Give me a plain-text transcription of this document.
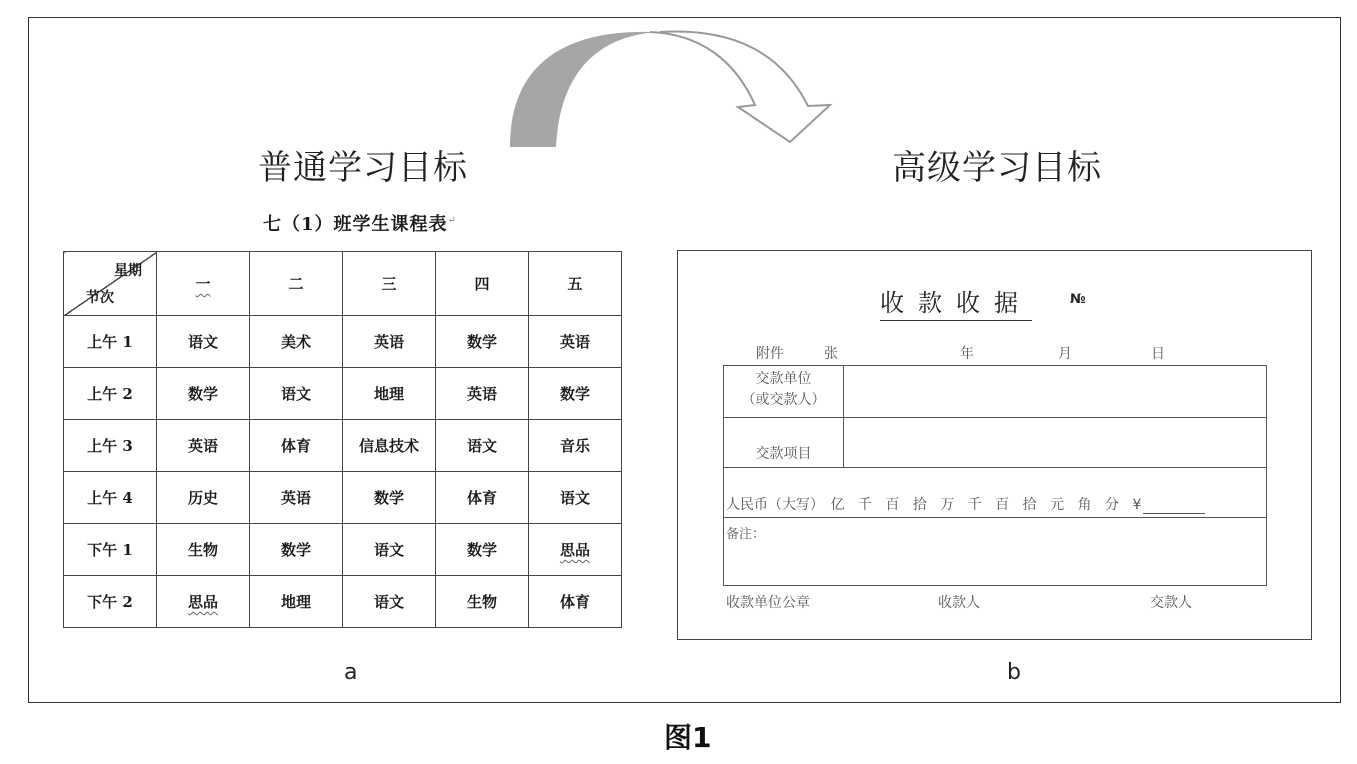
普通学习目标	高级学习目标
七（1）班学生课程表↵
星期
节次	一	二	三	四	五
上午 1	语文	美术	英语	数学	英语
上午 2	数学	语文	地理	英语	数学
上午 3	英语	体育	信息技术	语文	音乐
上午 4	历史	英语	数学	体育	语文
下午 1	生物	数学	语文	数学	思品
下午 2	思品	地理	语文	生物	体育
收款收据	№
附件	张	年	月	日
交款单位
（或交款人）
交款项目
人民币（大写） 亿 千 百 拾 万 千 百 拾 元 角 分 ¥
备注：
收款单位公章	收款人	交款人
a	b
图1
